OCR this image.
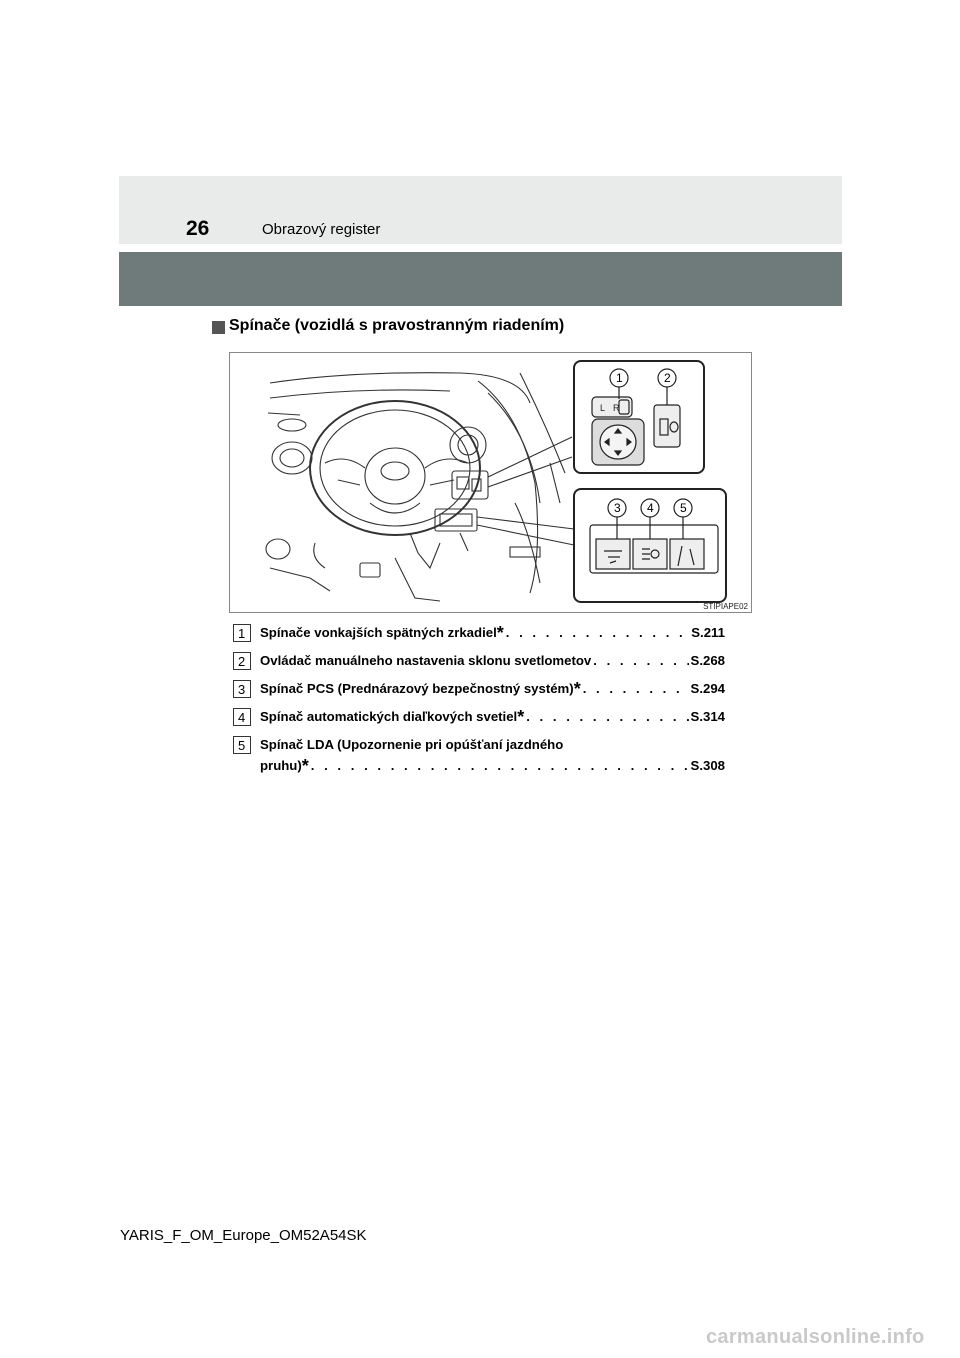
26	Obrazový register
Spínače (vozidlá s pravostranným riadením)
L R
1	2
3 4 5
STIPIAPE02
1 Spínače vonkajších spätných zrkadiel* . . .	S.211
2 Ovládač manuálneho nastavenia sklonu svetlometov . . .	S.268
3 Spínač PCS (Prednárazový bezpečnostný systém)* . . .	S.294
4 Spínač automatických diaľkových svetiel* . . .	S.314
5 Spínač LDA (Upozornenie pri opúšťaní jazdného
pruhu)* . . .	S.308
YARIS_F_OM_Europe_OM52A54SK
carmanualsonline.info
